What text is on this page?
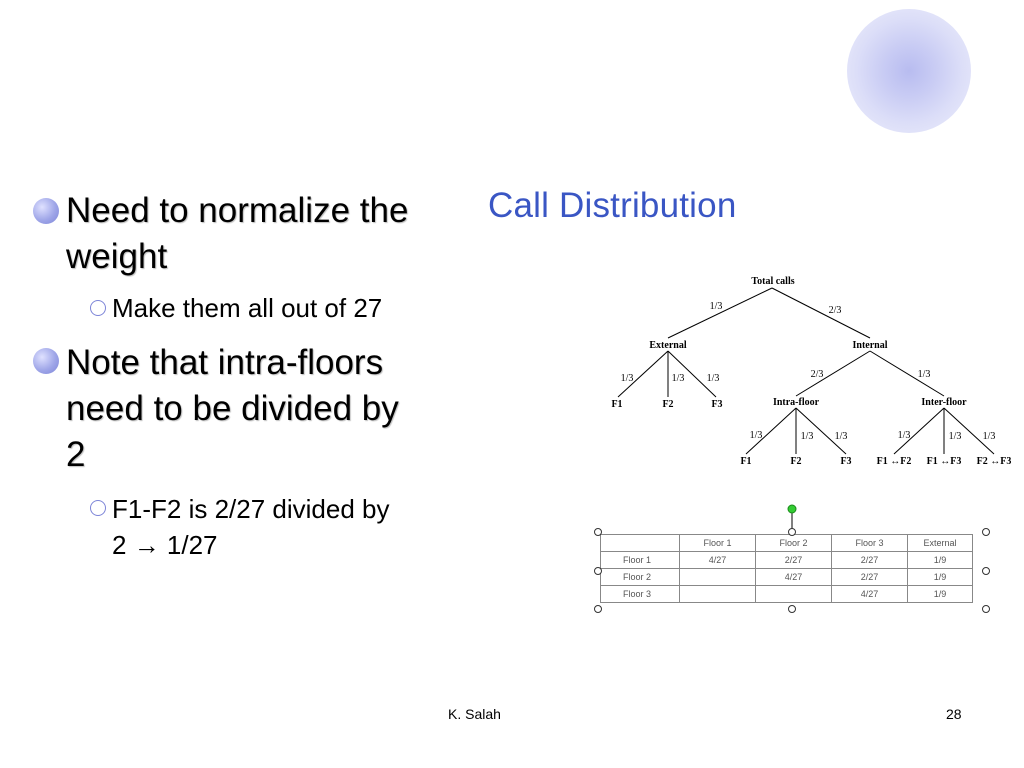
Call Distribution
Need to normalize the
weight
Make them all out of 27
Note that intra-floors
need to be divided by
2
F1-F2 is 2/27 divided by
2 → 1/27
Total calls
External	Internal
Intra-floor	Inter-floor
F1	F2	F3
F1	F2	F3	F1 ↔F2 F1 ↔F3 F2 ↔F3
1/3	2/3
1/3	1/3 1/3	2/3	1/3
1/3	1/3 1/3	1/3	1/3 1/3
	Floor 1	Floor 2	Floor 3	External
Floor 1	4/27	2/27	2/27	1/9
Floor 2		4/27	2/27	1/9
Floor 3			4/27	1/9
K. Salah	28
